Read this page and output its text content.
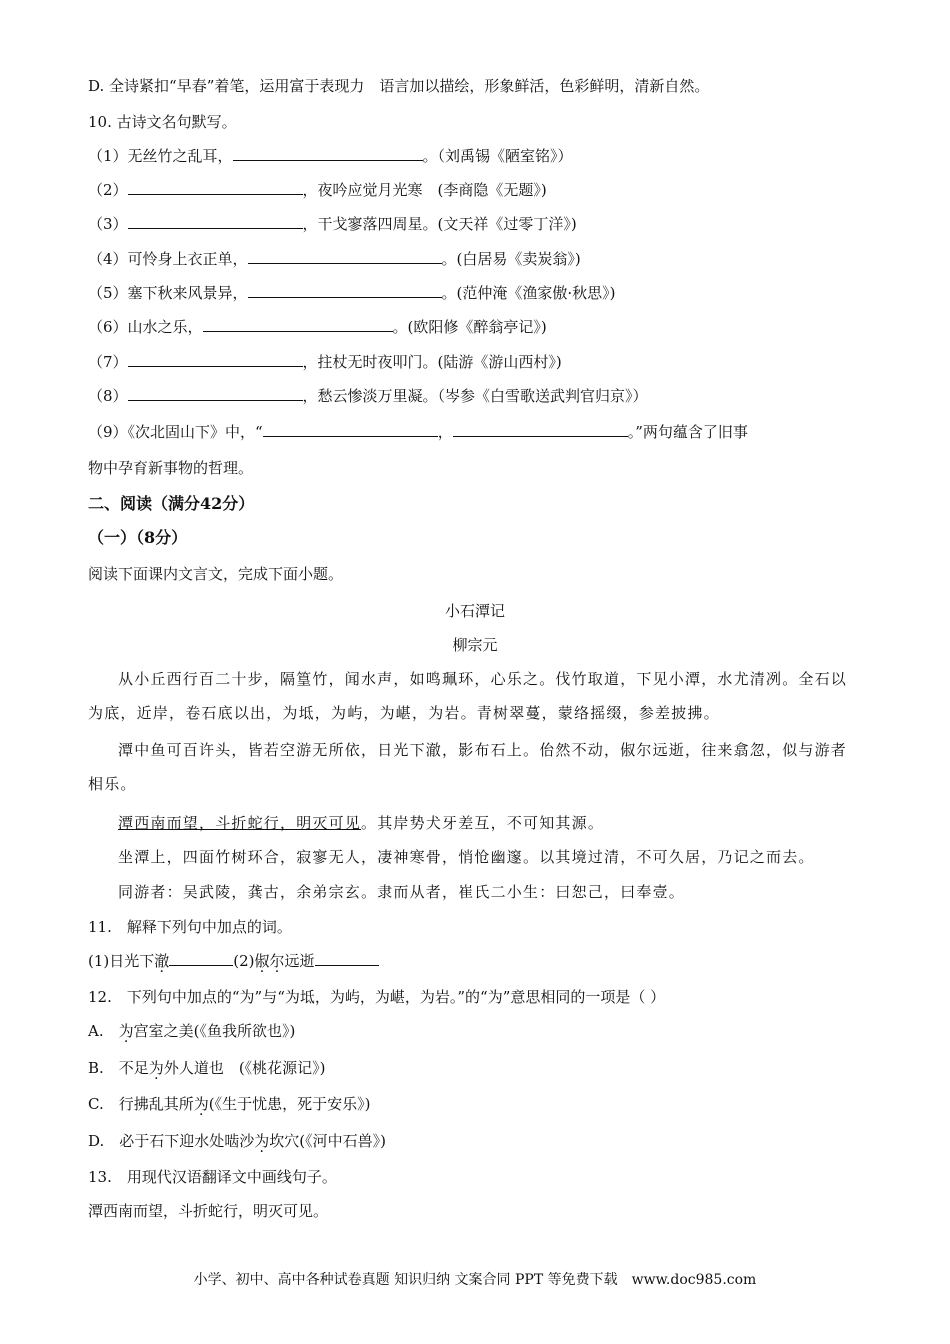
D. 全诗紧扣“早春”着笔，运用富于表现力　语言加以描绘，形象鲜活，色彩鲜明，清新自然。
10. 古诗文名句默写。
（1）无丝竹之乱耳，	。（刘禹锡《陋室铭》）
（2）	，夜吟应觉月光寒　(李商隐《无题》)
（3）	，干戈寥落四周星。(文天祥《过零丁洋》)
（4）可怜身上衣正单，	。(白居易《卖炭翁》)
（5）塞下秋来风景异，	。(范仲淹《渔家傲·秋思》)
（6）山水之乐，	。(欧阳修《醉翁亭记》)
（7）	，拄杖无时夜叩门。(陆游《游山西村》)
（8）	，愁云惨淡万里凝。（岑参《白雪歌送武判官归京》）
（9）《次北固山下》中，“	，	。”两句蕴含了旧事
物中孕育新事物的哲理。
二、阅读（满分42分）
（一）（8分）
阅读下面课内文言文，完成下面小题。
小石潭记
柳宗元
从小丘西行百二十步，隔篁竹，闻水声，如鸣珮环，心乐之。伐竹取道，下见小潭，水尤清冽。全石以为底，近岸，卷石底以出，为坻，为屿，为嵁，为岩。青树翠蔓，蒙络摇缀，参差披拂。
潭中鱼可百许头，皆若空游无所依，日光下澈，影布石上。佁然不动，俶尔远逝，往来翕忽，似与游者相乐。
潭西南而望，斗折蛇行，明灭可见。其岸势犬牙差互，不可知其源。
坐潭上，四面竹树环合，寂寥无人，凄神寒骨，悄怆幽邃。以其境过清，不可久居，乃记之而去。
同游者：吴武陵，龚古，余弟宗玄。隶而从者，崔氏二小生：曰恕己，曰奉壹。
11.　解释下列句中加点的词。
(1)日光下澈	(2)俶尔远逝
12.　下列句中加点的“为”与“为坻，为屿，为嵁，为岩。”的“为”意思相同的一项是（ ）
A.　为宫室之美(《鱼我所欲也》)
B.　不足为外人道也　(《桃花源记》)
C.　行拂乱其所为(《生于忧患，死于安乐》)
D.　必于石下迎水处啮沙为坎穴(《河中石兽》)
13.　用现代汉语翻译文中画线句子。
潭西南而望，斗折蛇行，明灭可见。
小学、初中、高中各种试卷真题 知识归纳 文案合同 PPT 等免费下载　www.doc985.com
